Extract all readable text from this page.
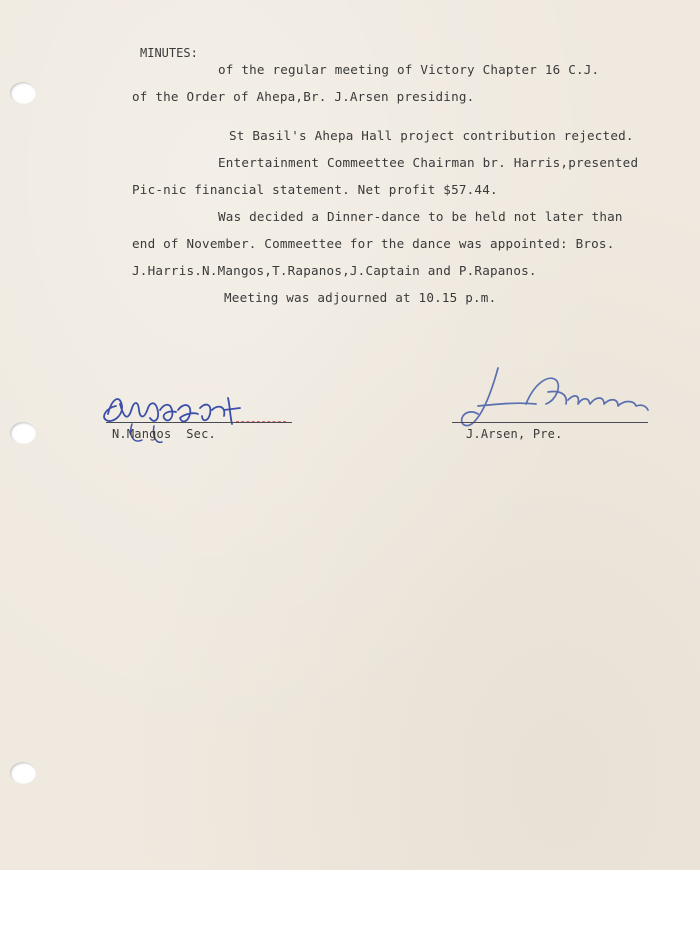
MINUTES:
of the regular meeting of Victory Chapter 16 C.J.
of the Order of Ahepa,Br. J.Arsen presiding.
St Basil's Ahepa Hall project contribution rejected.
Entertainment Commeettee Chairman br. Harris,presented
Pic-nic financial statement. Net profit $57.44.
Was decided a Dinner-dance to be held not later than
end of November. Commeettee for the dance was appointed: Bros.
J.Harris.N.Mangos,T.Rapanos,J.Captain and P.Rapanos.
Meeting was adjourned at 10.15 p.m.
N.Mangos  Sec.	J.Arsen, Pre.
